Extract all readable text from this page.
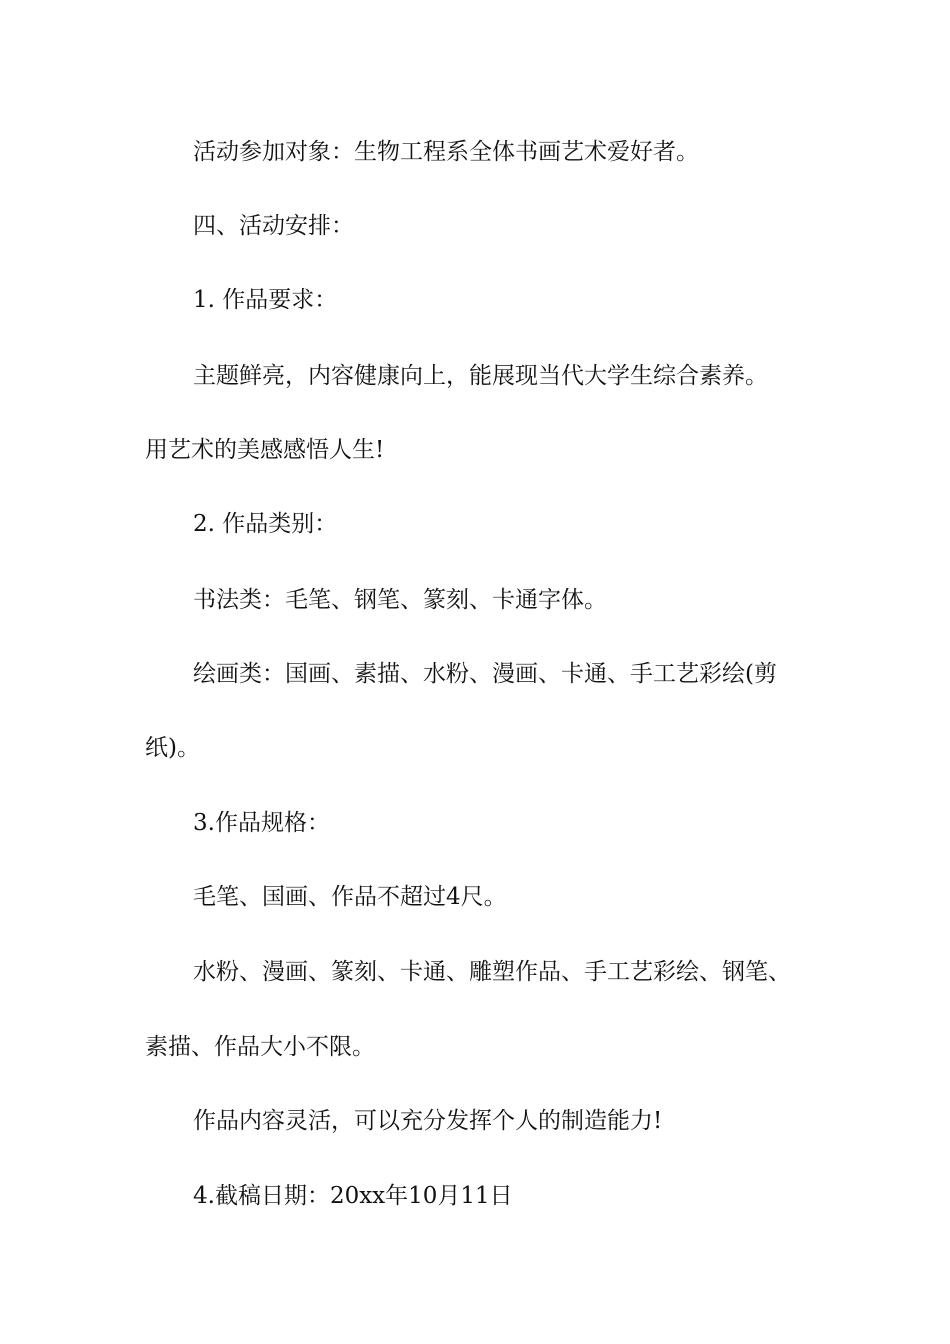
活动参加对象：生物工程系全体书画艺术爱好者。
四、活动安排：
1. 作品要求：
主题鲜亮，内容健康向上，能展现当代大学生综合素养。
用艺术的美感感悟人生!
2. 作品类别：
书法类：毛笔、钢笔、篆刻、卡通字体。
绘画类：国画、素描、水粉、漫画、卡通、手工艺彩绘(剪
纸)。
3.作品规格：
毛笔、国画、作品不超过4尺。
水粉、漫画、篆刻、卡通、雕塑作品、手工艺彩绘、钢笔、
素描、作品大小不限。
作品内容灵活，可以充分发挥个人的制造能力!
4.截稿日期：20xx年10月11日
